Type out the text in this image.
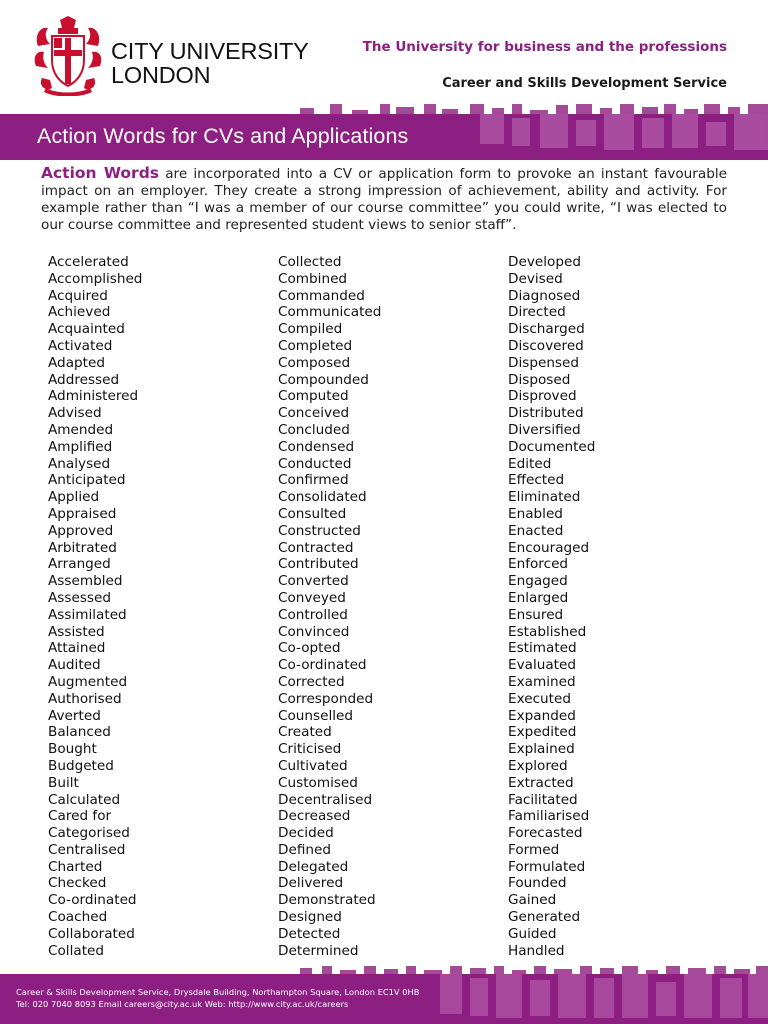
CITY UNIVERSITY
LONDON
The University for business and the professions
Career and Skills Development Service
Action Words for CVs and Applications
Action Words are incorporated into a CV or application form to provoke an instant favourable impact on an employer. They create a strong impression of achievement, ability and activity. For example rather than “I was a member of our course committee” you could write, “I was elected to our course committee and represented student views to senior staff”.
Accelerated
Accomplished
Acquired
Achieved
Acquainted
Activated
Adapted
Addressed
Administered
Advised
Amended
Amplified
Analysed
Anticipated
Applied
Appraised
Approved
Arbitrated
Arranged
Assembled
Assessed
Assimilated
Assisted
Attained
Audited
Augmented
Authorised
Averted
Balanced
Bought
Budgeted
Built
Calculated
Cared for
Categorised
Centralised
Charted
Checked
Co-ordinated
Coached
Collaborated
Collated
Collected
Combined
Commanded
Communicated
Compiled
Completed
Composed
Compounded
Computed
Conceived
Concluded
Condensed
Conducted
Confirmed
Consolidated
Consulted
Constructed
Contracted
Contributed
Converted
Conveyed
Controlled
Convinced
Co-opted
Co-ordinated
Corrected
Corresponded
Counselled
Created
Criticised
Cultivated
Customised
Decentralised
Decreased
Decided
Defined
Delegated
Delivered
Demonstrated
Designed
Detected
Determined
Developed
Devised
Diagnosed
Directed
Discharged
Discovered
Dispensed
Disposed
Disproved
Distributed
Diversified
Documented
Edited
Effected
Eliminated
Enabled
Enacted
Encouraged
Enforced
Engaged
Enlarged
Ensured
Established
Estimated
Evaluated
Examined
Executed
Expanded
Expedited
Explained
Explored
Extracted
Facilitated
Familiarised
Forecasted
Formed
Formulated
Founded
Gained
Generated
Guided
Handled
Career & Skills Development Service, Drysdale Building, Northampton Square, London EC1V 0HB
Tel: 020 7040 8093 Email careers@city.ac.uk Web: http://www.city.ac.uk/careers
